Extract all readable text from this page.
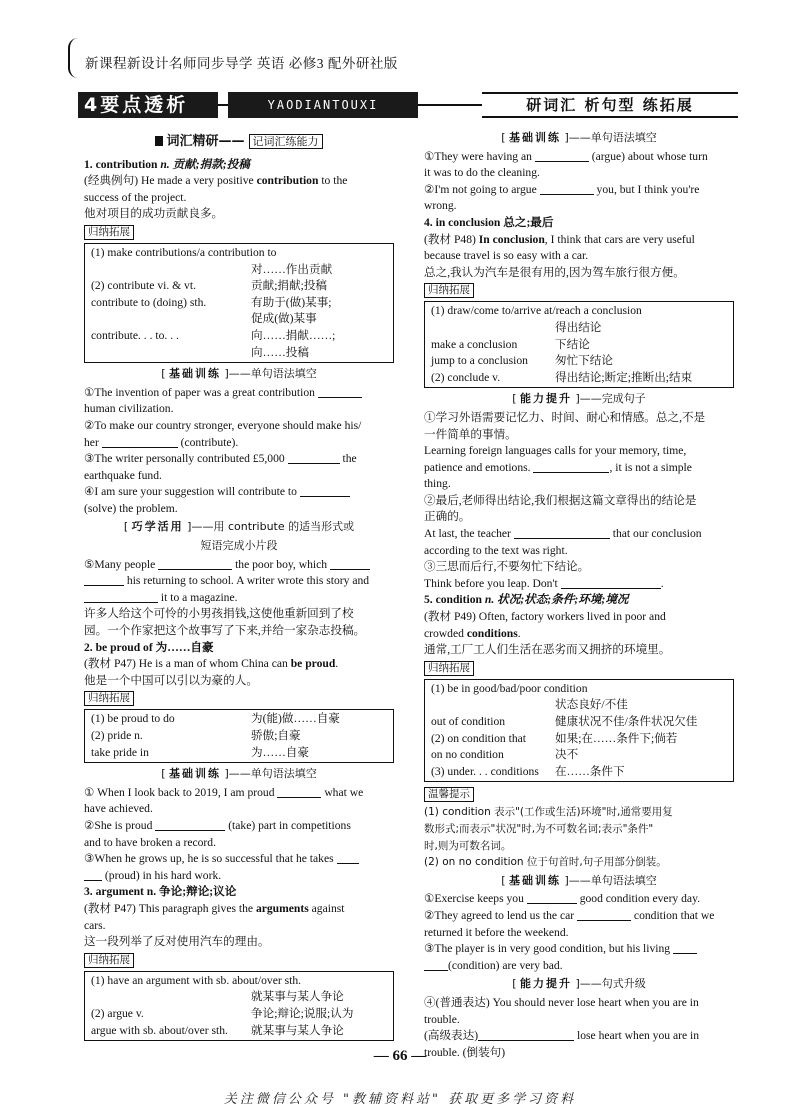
新课程新设计名师同步导学 英语 必修3 配外研社版
4要点透析	YAODIANTOUXI	研词汇 析句型 练拓展
词汇精研—— 记词汇练能力
1. contribution n. 贡献;捐款;投稿
(经典例句) He made a very positive contribution to the
success of the project.
他对项目的成功贡献良多。
归纳拓展
(1) make contributions/a contribution to
对……作出贡献
(2) contribute vi. & vt.	贡献;捐献;投稿
contribute to (doing) sth.	有助于(做)某事;
促成(做)某事
contribute. . . to. . .	向……捐献……;
向……投稿
[ 基础训练 ]——单句语法填空
①The invention of paper was a great contribution
human civilization.
②To make our country stronger, everyone should make his/
her	(contribute).
③The writer personally contributed £5,000	the
earthquake fund.
④I am sure your suggestion will contribute to
(solve) the problem.
[ 巧学活用 ]——用 contribute 的适当形式或
短语完成小片段
⑤Many people	the poor boy, which
his returning to school. A writer wrote this story and
it to a magazine.
许多人给这个可怜的小男孩捐钱,这使他重新回到了校
园。一个作家把这个故事写了下来,并给一家杂志投稿。
2. be proud of 为……自豪
(教材 P47) He is a man of whom China can be proud.
他是一个中国可以引以为豪的人。
归纳拓展
(1) be proud to do	为(能)做……自豪
(2) pride n.	骄傲;自豪
take pride in	为……自豪
[ 基础训练 ]——单句语法填空
① When I look back to 2019, I am proud	what we
have achieved.
②She is proud	(take) part in competitions
and to have broken a record.
③When he grows up, he is so successful that he takes
(proud) in his hard work.
3. argument n. 争论;辩论;议论
(教材 P47) This paragraph gives the arguments against
cars.
这一段列举了反对使用汽车的理由。
归纳拓展
(1) have an argument with sb. about/over sth.
就某事与某人争论
(2) argue v.	争论;辩论;说服;认为
argue with sb. about/over sth.	就某事与某人争论
[ 基础训练 ]——单句语法填空
①They were having an	(argue) about whose turn
it was to do the cleaning.
②I'm not going to argue	you, but I think you're
wrong.
4. in conclusion 总之;最后
(教材 P48) In conclusion, I think that cars are very useful
because travel is so easy with a car.
总之,我认为汽车是很有用的,因为驾车旅行很方便。
归纳拓展
(1) draw/come to/arrive at/reach a conclusion
得出结论
make a conclusion	下结论
jump to a conclusion	匆忙下结论
(2) conclude v.	得出结论;断定;推断出;结束
[ 能力提升 ]——完成句子
①学习外语需要记忆力、时间、耐心和情感。总之,不是
一件简单的事情。
Learning foreign languages calls for your memory, time,
patience and emotions.	, it is not a simple
thing.
②最后,老师得出结论,我们根据这篇文章得出的结论是
正确的。
At last, the teacher	that our conclusion
according to the text was right.
③三思而后行,不要匆忙下结论。
Think before you leap. Don't	.
5. condition n. 状况;状态;条件;环境;境况
(教材 P49) Often, factory workers lived in poor and
crowded conditions.
通常,工厂工人们生活在恶劣而又拥挤的环境里。
归纳拓展
(1) be in good/bad/poor condition
状态良好/不佳
out of condition	健康状况不佳/条件状况欠佳
(2) on condition that	如果;在……条件下;倘若
on no condition	决不
(3) under. . . conditions	在……条件下
温馨提示
(1) condition 表示"(工作或生活)环境"时,通常要用复
数形式;而表示"状况"时,为不可数名词;表示"条件"
时,则为可数名词。
(2) on no condition 位于句首时,句子用部分倒装。
[ 基础训练 ]——单句语法填空
①Exercise keeps you	good condition every day.
②They agreed to lend us the car	condition that we
returned it before the weekend.
③The player is in very good condition, but his living
(condition) are very bad.
[ 能力提升 ]——句式升级
④(普通表达) You should never lose heart when you are in
trouble.
(高级表达)	lose heart when you are in
trouble. (倒装句)
— 66 —
关注微信公众号 "教辅资料站" 获取更多学习资料
